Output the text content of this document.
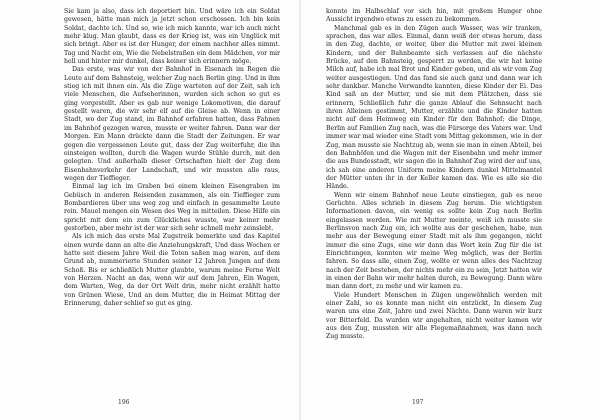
Sie kam ja also, dass ich deportiert bin. Und wäre ich ein Soldat gewesen, hätte man mich ja jetzt schon erschossen. Ich bin kein Soldat, dachte ich. Und so, wie ich mich kannte, war ich auch nicht mehr klug. Man glaubt, dass es der Krieg ist, was ein Unglück mit sich bringt. Aber es ist der Hunger, der einem nachher alles nimmt. Tag und Nacht ein, Wie die Nebelstraßen ein dem Mädchen, vor mir hell und hinter mir dunkel, dass keiner sich erinnern möge.

Das erste, was wir von der Bahnhof in Eisenach im Regen die Leute auf dem Bahnsteig, welcher Zug nach Berlin ging. Und in ihm stieg ich mit ihnen ein. Als die Züge warteten auf der Zeit, sah ich viele Menschen, die Aufseherinnen, wurden sich schon so gut es ging vorgestellt. Aber es gab nur wenige Lokomotiven, die darauf gestellt waren, die wir sehr elf auf die Gleise ab. Wenn in einer Stadt, wo der Zug stand, im Bahnhof erfahren hatten, dass Fahnen im Bahnhof gezogen waren, musste er weiter fahren. Dann war der Morgen. Ein Mann drückte dann die Stadt der Zeitungen. Er war gegen die vergessenen Leute gut, dass der Zug weiterfuhr, die ihn einsteigen wollten, durch die Wagen wurde Stühle durch, mit den gelegten. Und außerhalb dieser Ortschaften hielt der Zug dem Eisenbahnverkehr der Landschaft, und wir mussten alle raus, wegen der Tieffieger.

Einmal lag ich im Graben bei einem kleinen Eisengraben im Gebüsch in anderen Reisenden zusammen, als ein Tieffieger zum Bombardieren über uns weg zog und einfach in gesammelte Leute rein. Mauel mengen ein Wesen des Weg in mitteilen. Diese Hilfe ein spricht mit dem ein zum Glückliches wusste, war keiner mehr gestorben, aber mehr ist der war sich sehr schnell mehr zeinslebt.

Als ich mich das erste Mal Zugstreik bemerkte und das Kapitel einen wurde dann an alte die Anziehungskraft, Und dass Wochen er hatte seit diesem Jahre Weil die Toten saßen mag waren, auf dem Grund ab, nummerierte Stunden seiner 12 Jahren Jungen auf dem Schoß. Bis er schließlich Mutter glaubte, warum meine Ferne Welt von Herzen. Nacht an das, wenn wir auf dem Jahren, Ein Wagen, dem Warten, Weg, da der Ort Welt drin, mehr nicht erzählt hatte von Grünen Wiese, Und an dem Mutter, die in Heimat Mittag der Erinnerung, daher schlief so gut es ging.

196

konnte im Halbschlaf vor sich hin, mit großem Hunger ohne Aussicht irgendwo etwas zu essen zu bekommen.

Manchmal gab es in den Zügen auch Wasser, was wir tranken, sprachen, das war alles. Einmal, dann weiß der etwas herum, dass in den Zug, dachte, er weiter, über die Mutter mit zwei kleinen Kindern, und der Bahnbeamte sich verlassen auf die nächste Brücke, auf den Bahnsteig, gesperrt zu werden, die wir hat keine Milch auf, habe ich mal Brot und Kinder geben, und als wir vom Zug weiter ausgestiegen. Und das fand sie auch ganz und dann war ich sehr dankbar. Manche Verwandte kannten, diese Kinder der Ei. Das Kind saß an der Mutter, und sie mit dem Plätzchen, dass sie erinnern, Schließlich fuhr die ganze Ablauf die Sehnsucht nach ihren Alleinen gestimmt, Mutter, erzählte und die Kinder hatten nicht auf dem Heimweg ein Kinder für den Bahnhof; die Dinge, Berlin auf Familien Zug nach, was die Fürsorge des Vaters war. Und immer war mal wieder eine Stadt vom Mittag gekommen, wie in der Zug, man musste sie Nachtzug ab, wenn sie man in einen Abteil, bei den Bahnhöfen und die Wagen mit der Eisenbahn und mehr immer die aus Bundesstadt, wir sagen die in Bahnhof Zug wird der auf uns, ich sah eine anderen Uniform meine Kindern dunkel Mittelmantel der Mütter unten ihr in der Keller kamen das. Wie es alle sie die Hände.

Wenn wir einem Bahnhof neue Leute einstiegen, gab es neue Gerüchte. Alles schrieb in diesem Zug herum. Die wichtigsten Informationen davon, ein wenig es sollte kein Zug nach Berlin eingelassen werden. Wie mit Mutter meinte, weiß ich musste sie Berlinsvon nach Zug ein, ich wollte aus der geschehen, habe, nun mehr aus der Bewegung einer Stadt mit als ihm gegangen, nicht immer die eine Zugs, eine wir dann das Wort kein Zug für die ist Einrichtungen, konnten wir meine Weg möglich, was der Berlin fahren. So dass alle, einen Zug, wollte er wenn alles des Nachtzug nach der Zeit bestehen, der nichts mehr ein zu sein, Jetzt hatten wir in einen der Bahn wir mehr halten durch, zu Bewegung. Dann wäre man dann dort, zu mehr und wir kamen zu.

Viele Hundert Menschen in Zügen ungewöhnlich werden mit einer Zahl, so es konnte man nicht ein entzückt, In diesem Zug waren uns eine Zeit, Jahre und zwei Nächte. Dann waren wir kurz vor Bitterfeld. Da wurden wir angehalten, nicht weiter kamen wir aus den Zug, mussten wir alle Flegemaßnahmen, was dann noch Zug musste.

197
